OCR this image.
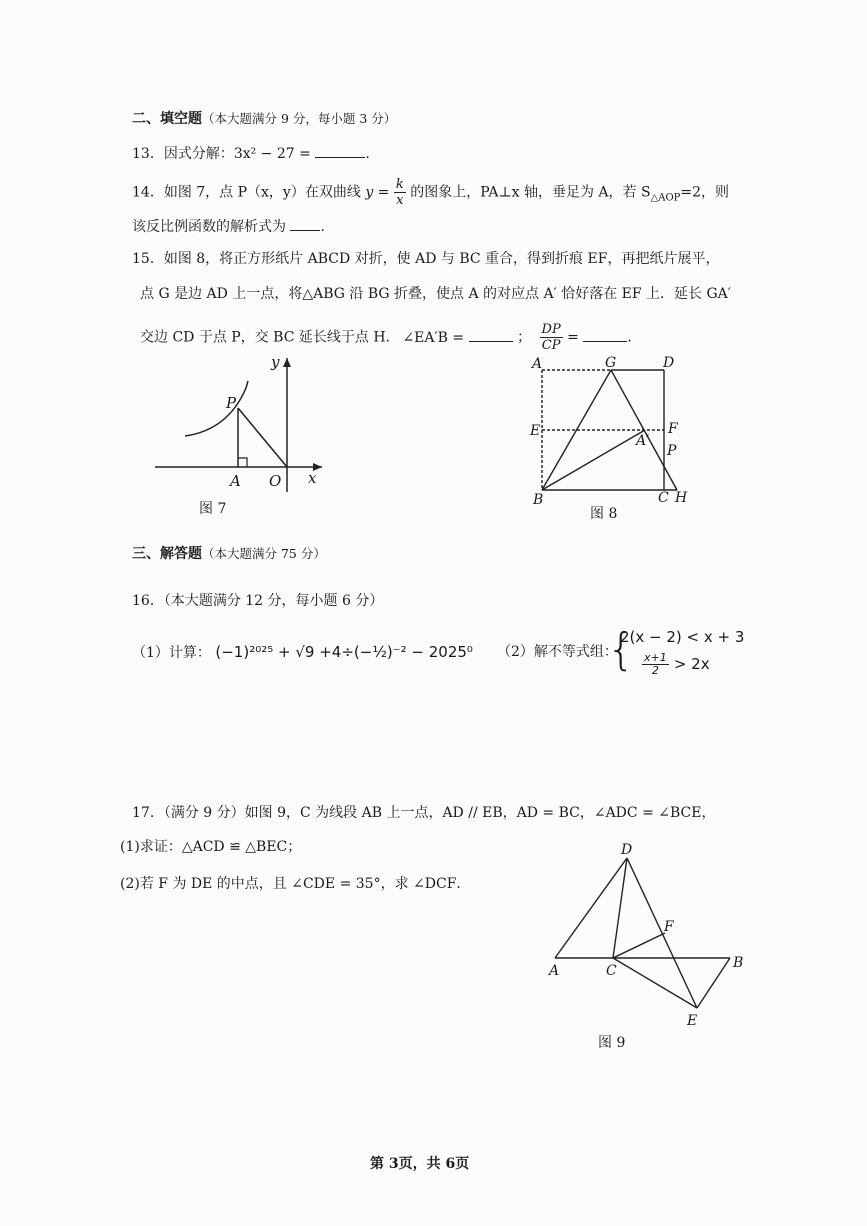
二、填空题（本大题满分 9 分，每小题 3 分）
13．因式分解：3x² − 27 =	.
14．如图 7，点 P（x，y）在双曲线 $y = \frac{k}{x}$ 的图象上，PA⊥x 轴，垂足为 A，若 $S_{\triangle AOP}=2$，则
该反比例函数的解析式为 .
15．如图 8，将正方形纸片 ABCD 对折，使 AD 与 BC 重合，得到折痕 EF，再把纸片展平，
点 G 是边 AD 上一点，将△ABG 沿 BG 折叠，使点 A 的对应点 A′ 恰好落在 EF 上．延长 GA′
交边 CD 于点 P，交 BC 延长线于点 H. ∠EA′B =	； $\frac{DP}{CP}$ =	.
y
x
P
A O
图 7
A	G	D
E	F
A′
P
B	C H
图 8
三、解答题（本大题满分 75 分）
16．（本大题满分 12 分，每小题 6 分）
（1）计算： (−1)²⁰²⁵ + √9 +4÷(−½)⁻² − 2025⁰ （2）解不等式组：
{
2(x − 2) < x + 3
$\frac{x+1}{2} > 2x$
17．（满分 9 分）如图 9，C 为线段 AB 上一点，AD // EB，AD = BC，∠ADC = ∠BCE，
(1)求证：△ACD ≌ △BEC；
(2)若 F 为 DE 的中点，且 ∠CDE = 35°，求 ∠DCF．
D
F
A	C	B
E
图 9
第 3页，共 6页
